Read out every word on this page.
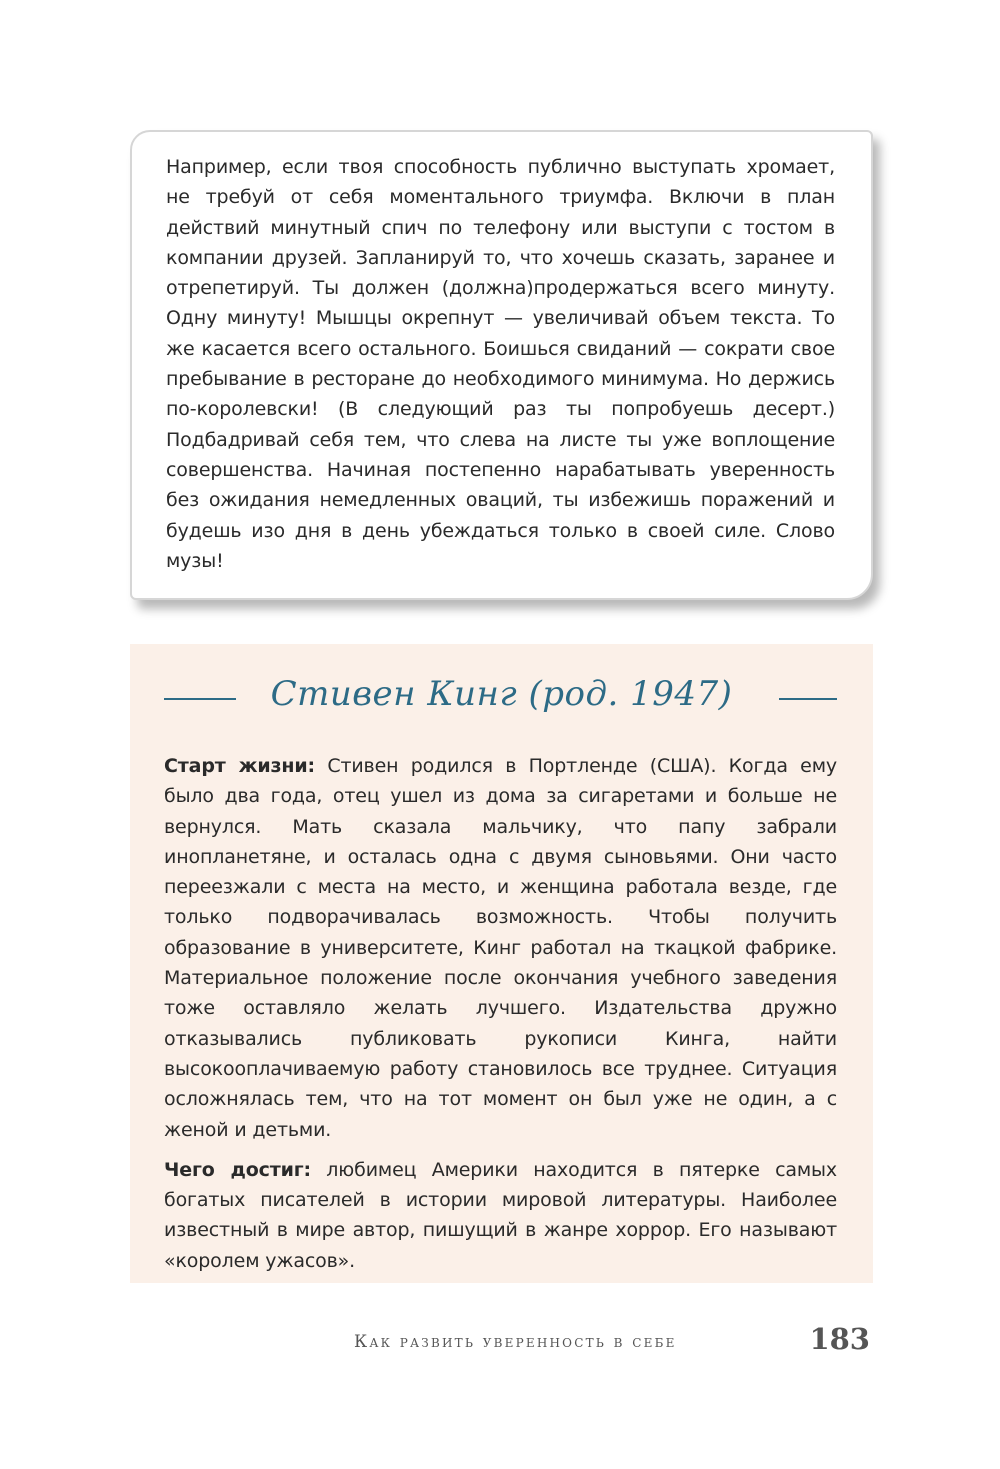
Например, если твоя способность публично выступать хромает, не требуй от себя моментального триумфа. Включи в план действий минутный спич по телефону или выступи с тостом в компании друзей. Запланируй то, что хочешь сказать, заранее и отрепетируй. Ты должен (должна)продержаться всего минуту. Одну минуту! Мышцы окрепнут — увеличивай объем текста. То же касается всего остального. Боишься свиданий — сократи свое пребывание в ресторане до необходимого минимума. Но держись по-королевски! (В следующий раз ты попробуешь десерт.) Подбадривай себя тем, что слева на листе ты уже воплощение совершенства. Начиная постепенно нарабатывать уверенность без ожидания немедленных оваций, ты избежишь поражений и будешь изо дня в день убеждаться только в своей силе. Слово музы!

Стивен Кинг (род. 1947)

Старт жизни: Стивен родился в Портленде (США). Когда ему было два года, отец ушел из дома за сигаретами и больше не вернулся. Мать сказала мальчику, что папу забрали инопланетяне, и осталась одна с двумя сыновьями. Они часто переезжали с места на место, и женщина работала везде, где только подворачивалась возможность. Чтобы получить образование в университете, Кинг работал на ткацкой фабрике. Материальное положение после окончания учебного заведения тоже оставляло желать лучшего. Издательства дружно отказывались публиковать рукописи Кинга, найти высокооплачиваемую работу становилось все труднее. Ситуация осложнялась тем, что на тот момент он был уже не один, а с женой и детьми.

Чего достиг: любимец Америки находится в пятерке самых богатых писателей в истории мировой литературы. Наиболее известный в мире автор, пишущий в жанре хоррор. Его называют «королем ужасов».

Как развить уверенность в себе	183
